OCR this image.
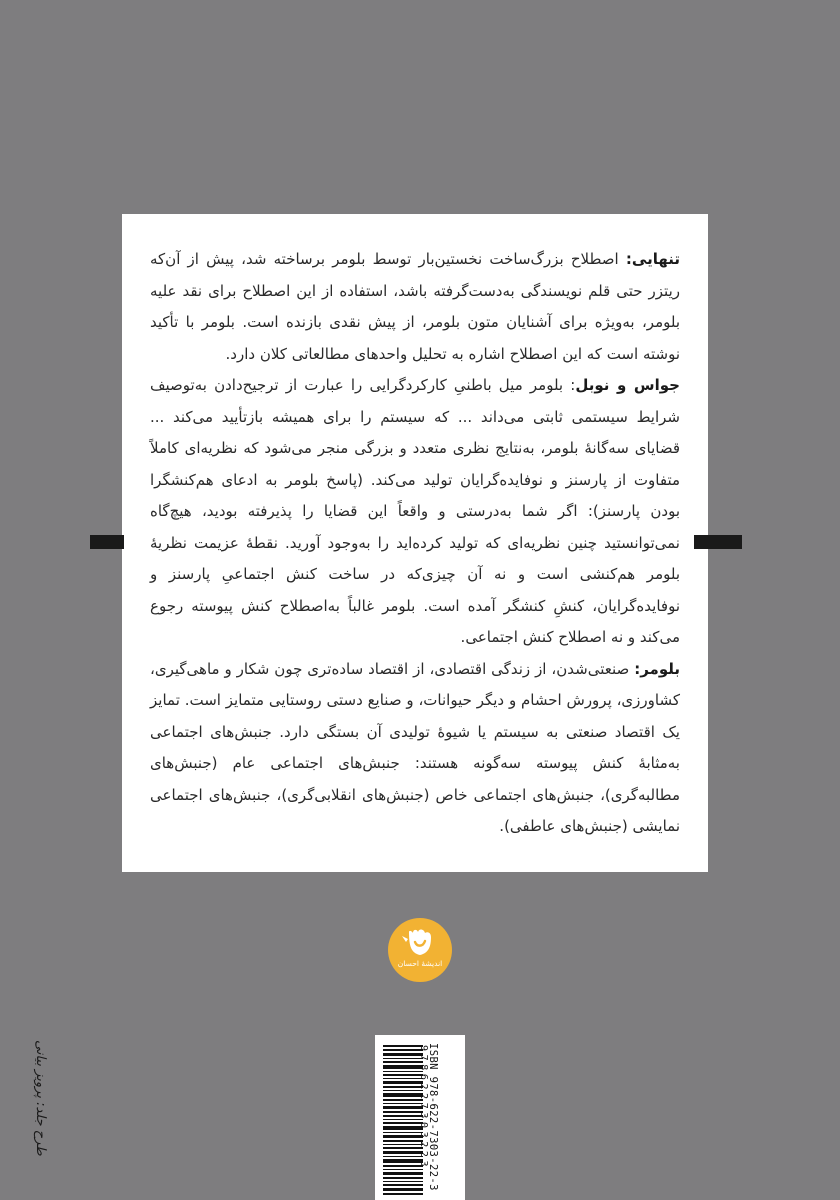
تنهایی: اصطلاح بزرگ‌ساخت نخستین‌بار توسط بلومر برساخته شد، پیش از آن‌که ریتزر حتی قلم نویسندگی به‌دست‌گرفته باشد، استفاده از این اصطلاح برای نقد علیه بلومر، به‌ویژه برای آشنایان متون بلومر، از پیش نقدی بازنده است. بلومر با تأکید نوشته است که این اصطلاح اشاره به تحلیل واحدهای مطالعاتی کلان دارد.

جواس و نوبل: بلومر میل باطنیِ کارکردگرایی را عبارت از ترجیح‌دادن به‌توصیف شرایط سیستمی ثابتی می‌داند ... که سیستم را برای همیشه بازتأیید می‌کند ... قضایای سه‌گانهٔ بلومر، به‌نتایج نظری متعدد و بزرگی منجر می‌شود که نظریه‌ای کاملاً متفاوت از پارسنز و نوفایده‌گرایان تولید می‌کند. (پاسخ بلومر به ادعای هم‌کنشگرا بودن پارسنز): اگر شما به‌درستی و واقعاً این قضایا را پذیرفته بودید، هیچ‌گاه نمی‌توانستید چنین نظریه‌ای که تولید کرده‌اید را به‌وجود آورید. نقطهٔ عزیمت نظریهٔ بلومر هم‌کنشی است و نه آن چیزی‌که در ساخت کنش اجتماعیِ پارسنز و نوفایده‌گرایان، کنشِ کنشگر آمده است. بلومر غالباً به‌اصطلاح کنش پیوسته رجوع می‌کند و نه اصطلاح کنش اجتماعی.

بلومر: صنعتی‌شدن، از زندگی اقتصادی، از اقتصاد ساده‌تری چون شکار و ماهی‌گیری، کشاورزی، پرورش احشام و دیگر حیوانات، و صنایع دستی روستایی متمایز است. تمایز یک اقتصاد صنعتی به سیستم یا شیوهٔ تولیدی آن بستگی دارد. جنبش‌های اجتماعی به‌مثابهٔ کنش پیوسته سه‌گونه هستند: جنبش‌های اجتماعی عام (جنبش‌های مطالبه‌گری)، جنبش‌های اجتماعی خاص (جنبش‌های انقلابی‌گری)، جنبش‌های اجتماعی نمایشی (جنبش‌های عاطفی).

اندیشهٔ احسان
ISBN 978-622-7303-22-3
9786227303223
طرح جلد: پرویز بیانی
